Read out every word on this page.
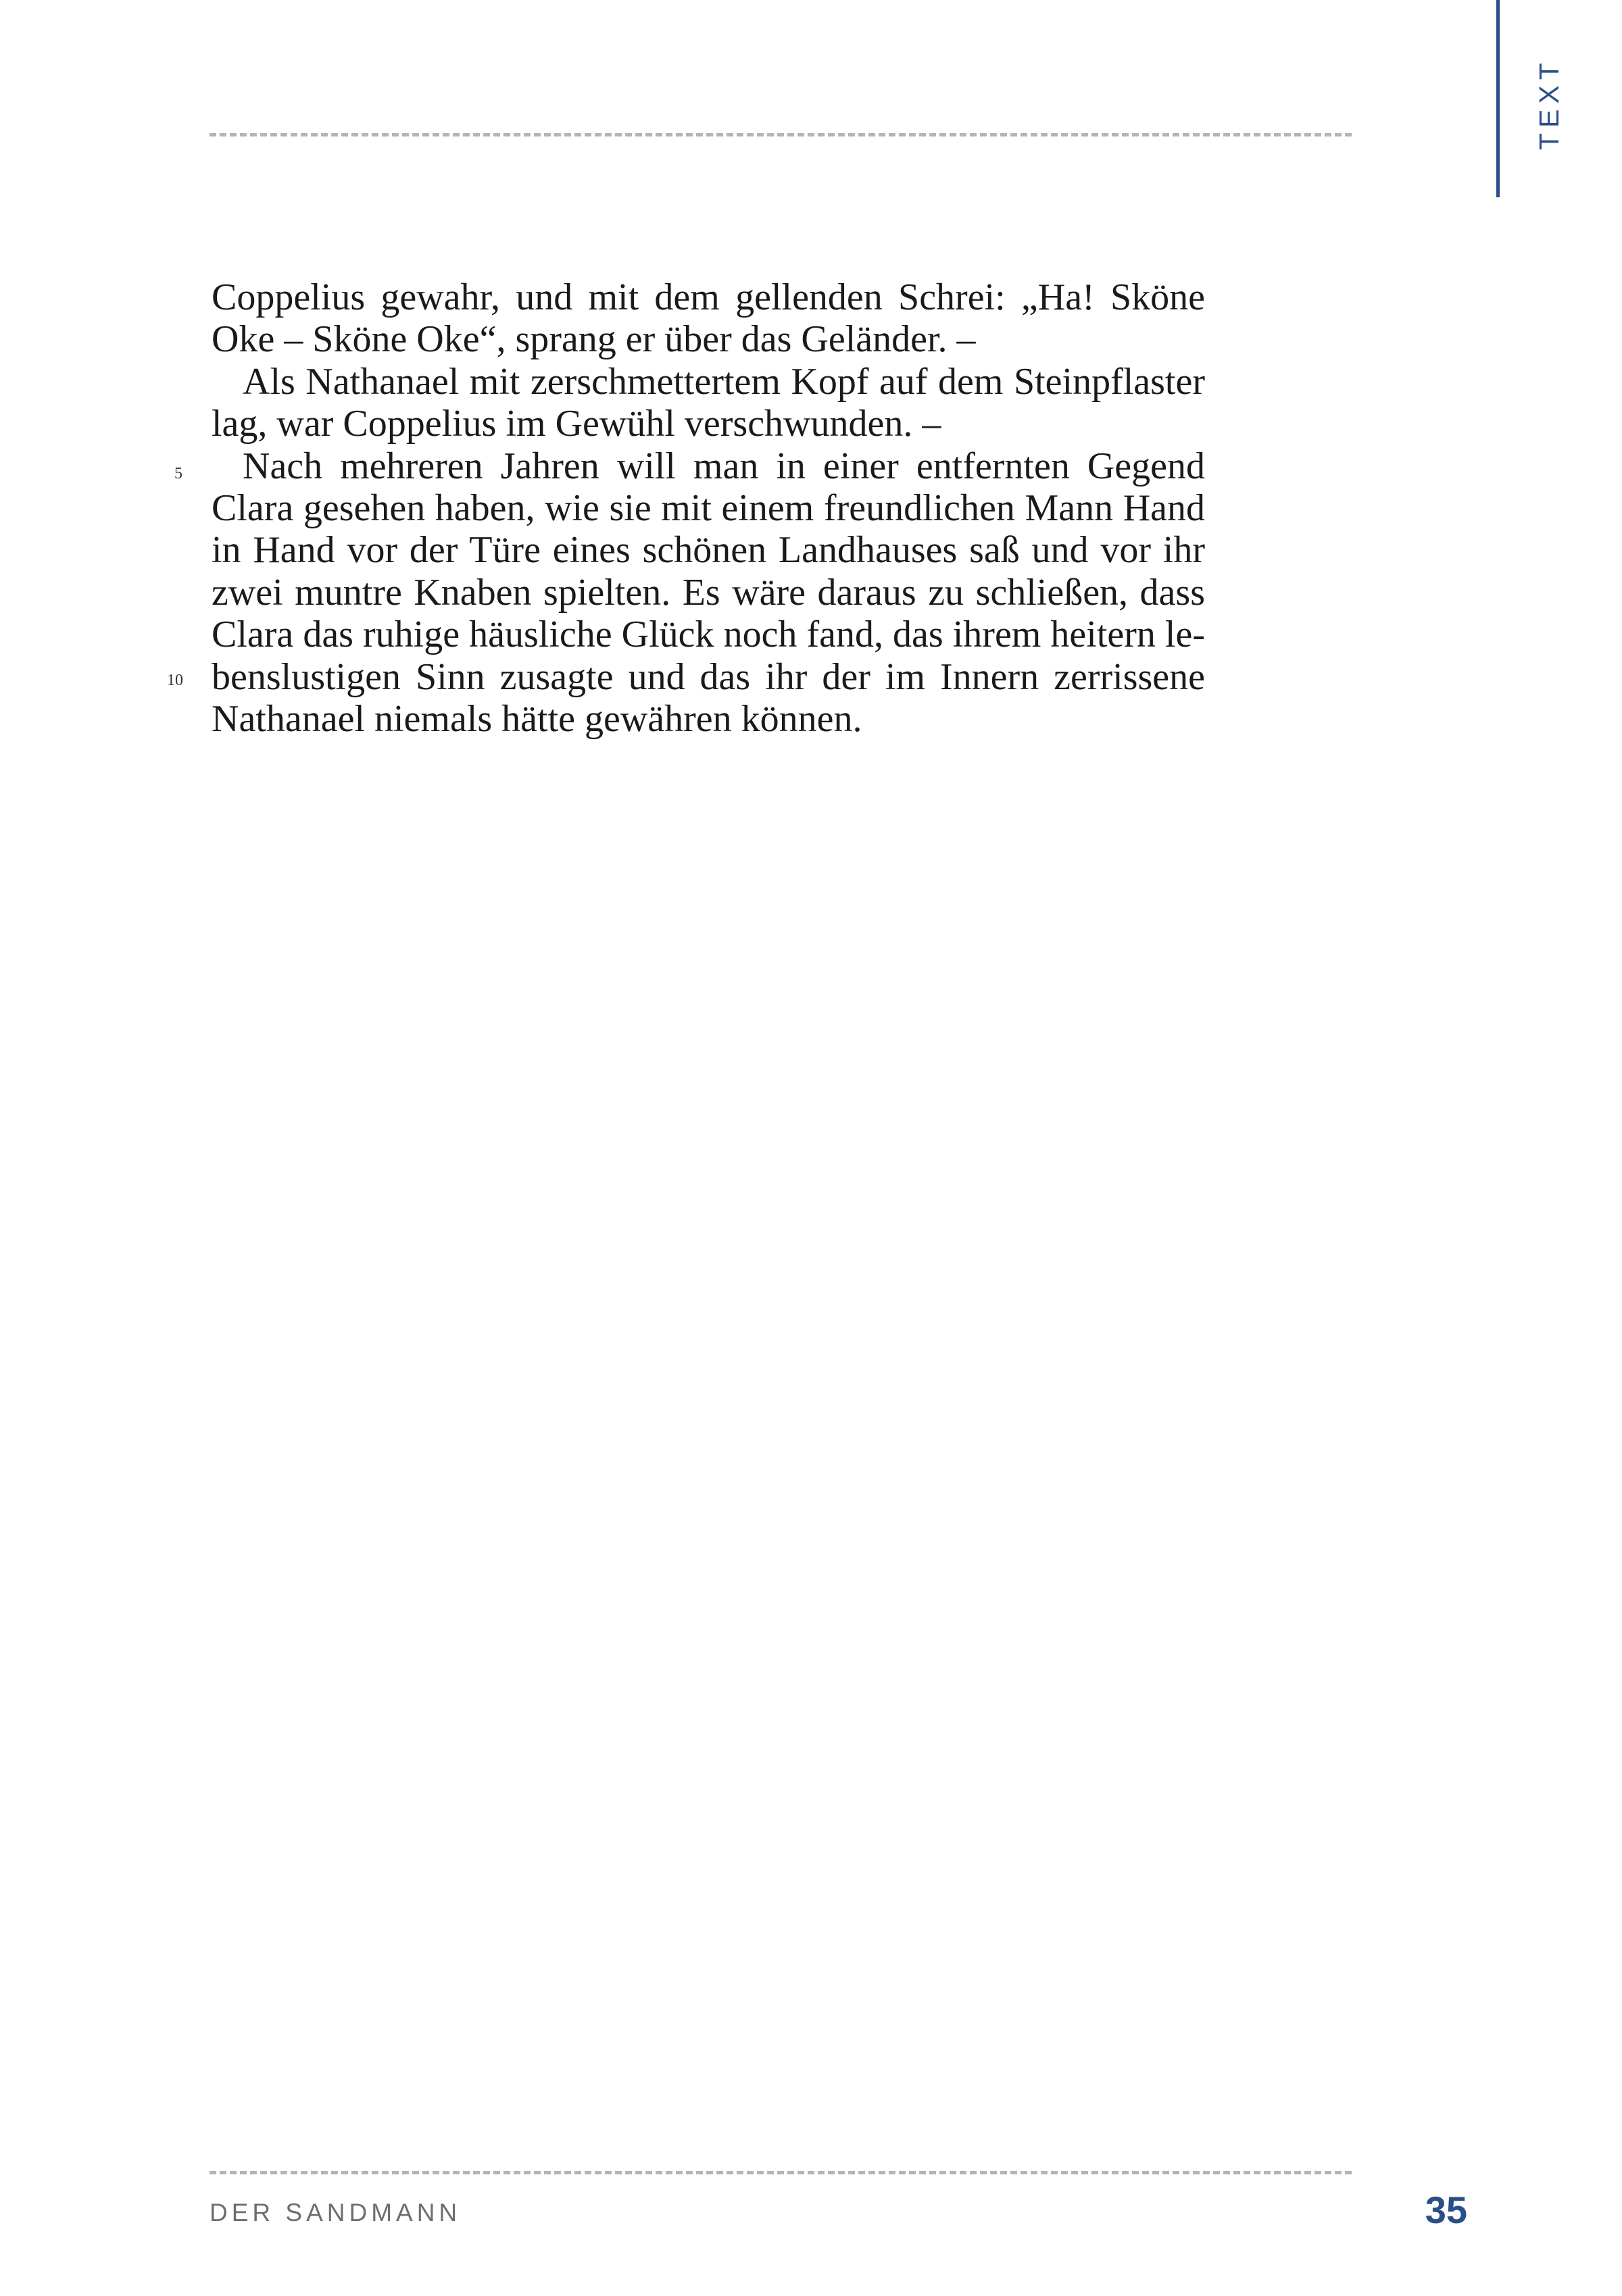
TEXT
Coppelius gewahr, und mit dem gellenden Schrei: „Ha! Sköne
Oke – Sköne Oke“, sprang er über das Geländer. –
Als Nathanael mit zerschmettertem Kopf auf dem Steinpflaster
lag, war Coppelius im Gewühl verschwunden. –
Nach mehreren Jahren will man in einer entfernten Gegend
Clara gesehen haben, wie sie mit einem freundlichen Mann Hand
in Hand vor der Türe eines schönen Landhauses saß und vor ihr
zwei muntre Knaben spielten. Es wäre daraus zu schließen, dass
Clara das ruhige häusliche Glück noch fand, das ihrem heitern le-
benslustigen Sinn zusagte und das ihr der im Innern zerrissene
Nathanael niemals hätte gewähren können.
5
10
DER SANDMANN	35
